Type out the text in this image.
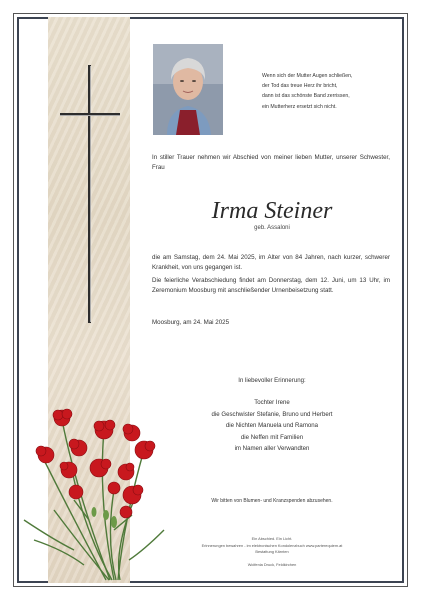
Wenn sich der Mutter Augen schließen,
der Tod das treue Herz ihr bricht,
dann ist das schönste Band zerrissen,
ein Mutterherz ersetzt sich nicht.
In stiller Trauer nehmen wir Abschied von meiner lieben Mutter, unserer Schwester, Frau
Irma Steiner
geb. Assaloni
die am Samstag, dem 24. Mai 2025, im Alter von 84 Jahren, nach kurzer, schwerer Krankheit, von uns gegangen ist.
Die feierliche Verabschiedung findet am Donnerstag, dem 12. Juni, um 13 Uhr, im Zeremonium Moosburg mit anschließender Urnenbeisetzung statt.
Moosburg, am 24. Mai 2025
In liebevoller Erinnerung:
Tochter Irene
die Geschwister Stefanie, Bruno und Herbert
die Nichten Manuela und Ramona
die Neffen mit Familien
im Namen aller Verwandten
Wir bitten von Blumen- und Kranzspenden abzusehen.
Ein Abschied. Ein Licht.
Erinnerungen bewahren - im elektronischen Kondolenzbuch www.parterequiem.at
Bestattung Kärnten
Wolfenia Druck, Feldkirchen
